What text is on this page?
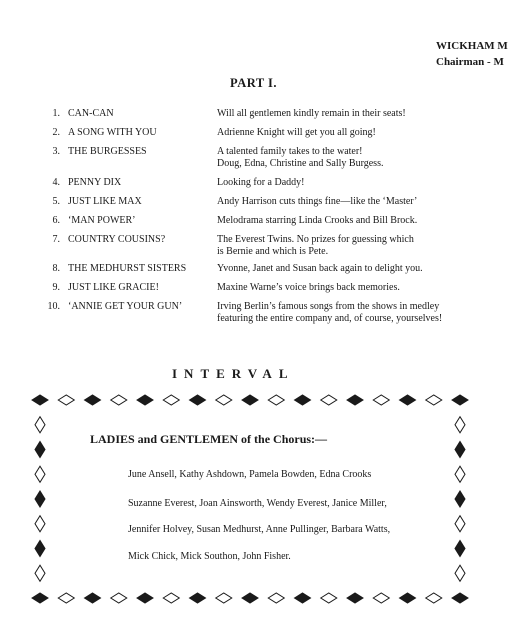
WICKHAM M
Chairman - M
PART I.
1. CAN-CAN	Will all gentlemen kindly remain in their seats!
2. A SONG WITH YOU	Adrienne Knight will get you all going!
3. THE BURGESSES	A talented family takes to the water!
Doug, Edna, Christine and Sally Burgess.
4. PENNY DIX	Looking for a Daddy!
5. JUST LIKE MAX	Andy Harrison cuts things fine—like the ‘Master’
6. ‘MAN POWER’	Melodrama starring Linda Crooks and Bill Brock.
7. COUNTRY COUSINS?	The Everest Twins. No prizes for guessing which
is Bernie and which is Pete.
8. THE MEDHURST SISTERS	Yvonne, Janet and Susan back again to delight you.
9. JUST LIKE GRACIE!	Maxine Warne’s voice brings back memories.
10. ‘ANNIE GET YOUR GUN’	Irving Berlin’s famous songs from the shows in medley
featuring the entire company and, of course, yourselves!
INTERVAL
LADIES and GENTLEMEN of the Chorus:—
June Ansell, Kathy Ashdown, Pamela Bowden, Edna Crooks
Suzanne Everest, Joan Ainsworth, Wendy Everest, Janice Miller,
Jennifer Holvey, Susan Medhurst, Anne Pullinger, Barbara Watts,
Mick Chick, Mick Southon, John Fisher.
